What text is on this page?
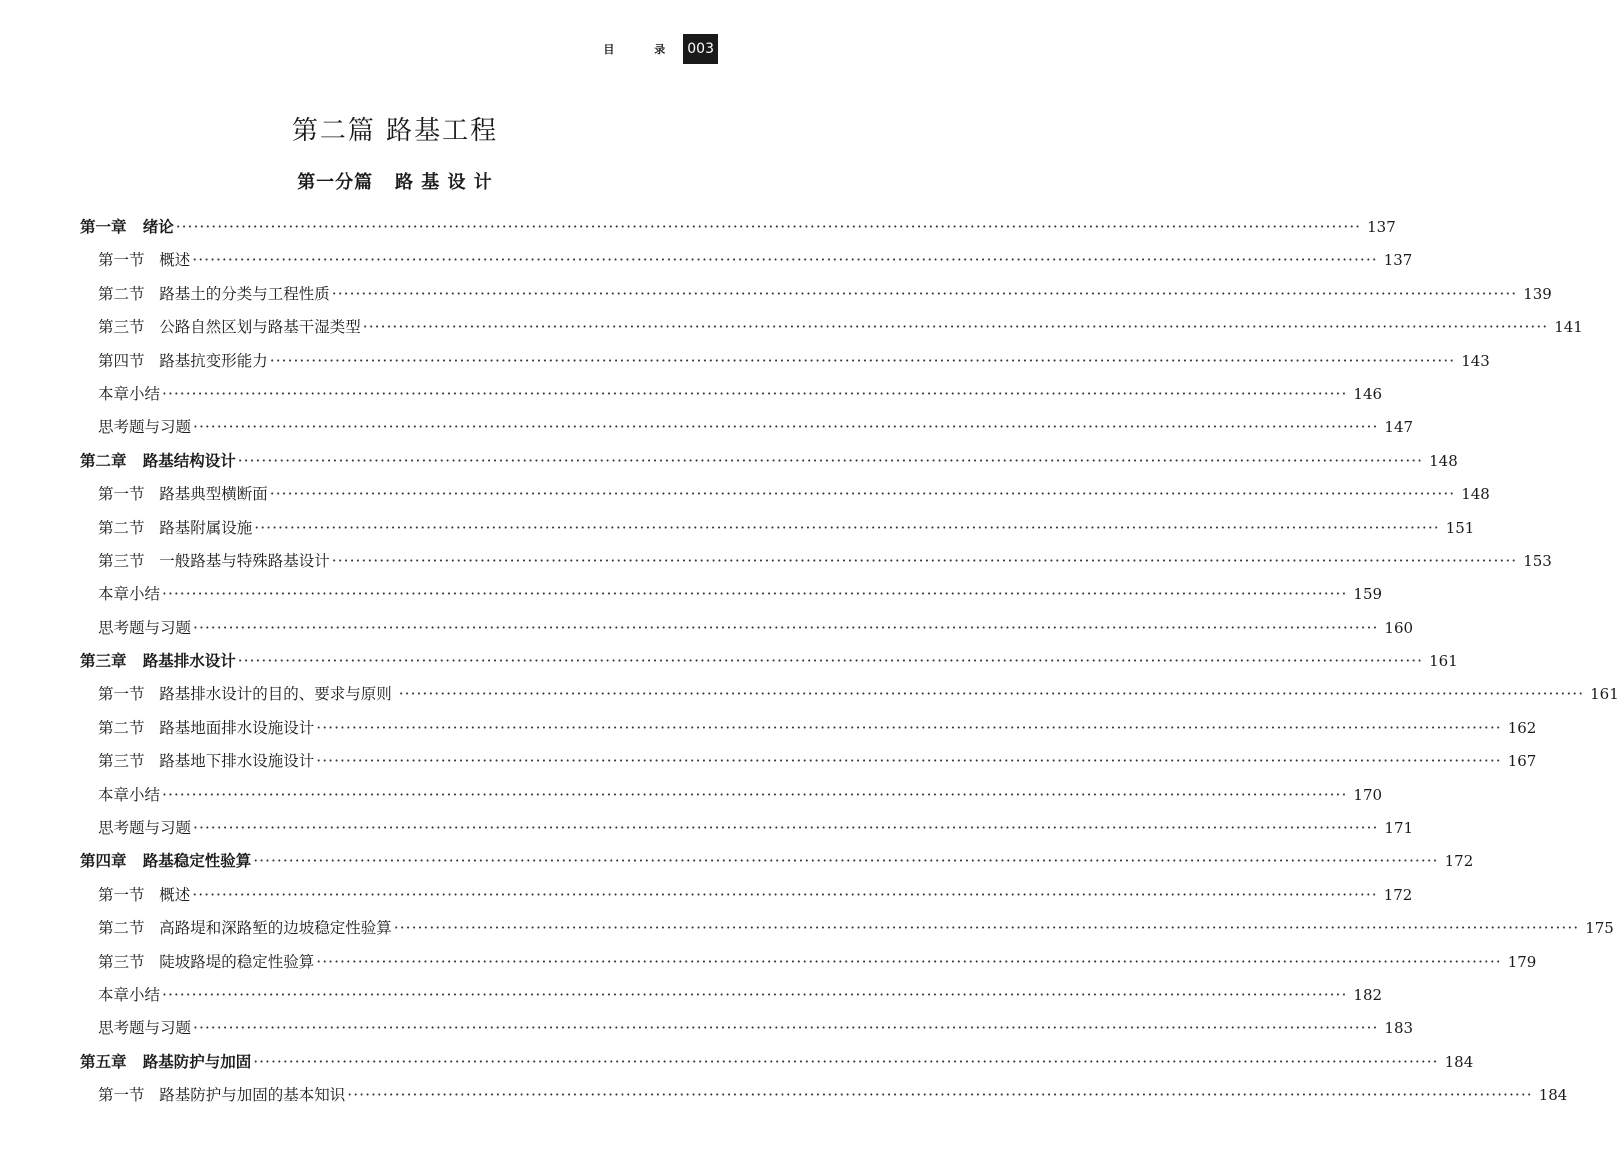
目 录 003
第二篇 路基工程
第一分篇   路 基 设 计
第一章   绪论 ········································································································································································································ 137
第一节   概述 ········································································································································································································ 137
第二节   路基土的分类与工程性质 ········································································································································································································ 139
第三节   公路自然区划与路基干湿类型 ········································································································································································································ 141
第四节   路基抗变形能力 ········································································································································································································ 143
本章小结 ········································································································································································································ 146
思考题与习题 ········································································································································································································ 147
第二章   路基结构设计 ········································································································································································································ 148
第一节   路基典型横断面 ········································································································································································································ 148
第二节   路基附属设施 ········································································································································································································ 151
第三节   一般路基与特殊路基设计 ········································································································································································································ 153
本章小结 ········································································································································································································ 159
思考题与习题 ········································································································································································································ 160
第三章   路基排水设计 ········································································································································································································ 161
第一节   路基排水设计的目的、要求与原则 ········································································································································································································ 161
第二节   路基地面排水设施设计 ········································································································································································································ 162
第三节   路基地下排水设施设计 ········································································································································································································ 167
本章小结 ········································································································································································································ 170
思考题与习题 ········································································································································································································ 171
第四章   路基稳定性验算 ········································································································································································································ 172
第一节   概述 ········································································································································································································ 172
第二节   高路堤和深路堑的边坡稳定性验算 ········································································································································································································ 175
第三节   陡坡路堤的稳定性验算 ········································································································································································································ 179
本章小结 ········································································································································································································ 182
思考题与习题 ········································································································································································································ 183
第五章   路基防护与加固 ········································································································································································································ 184
第一节   路基防护与加固的基本知识 ········································································································································································································ 184
